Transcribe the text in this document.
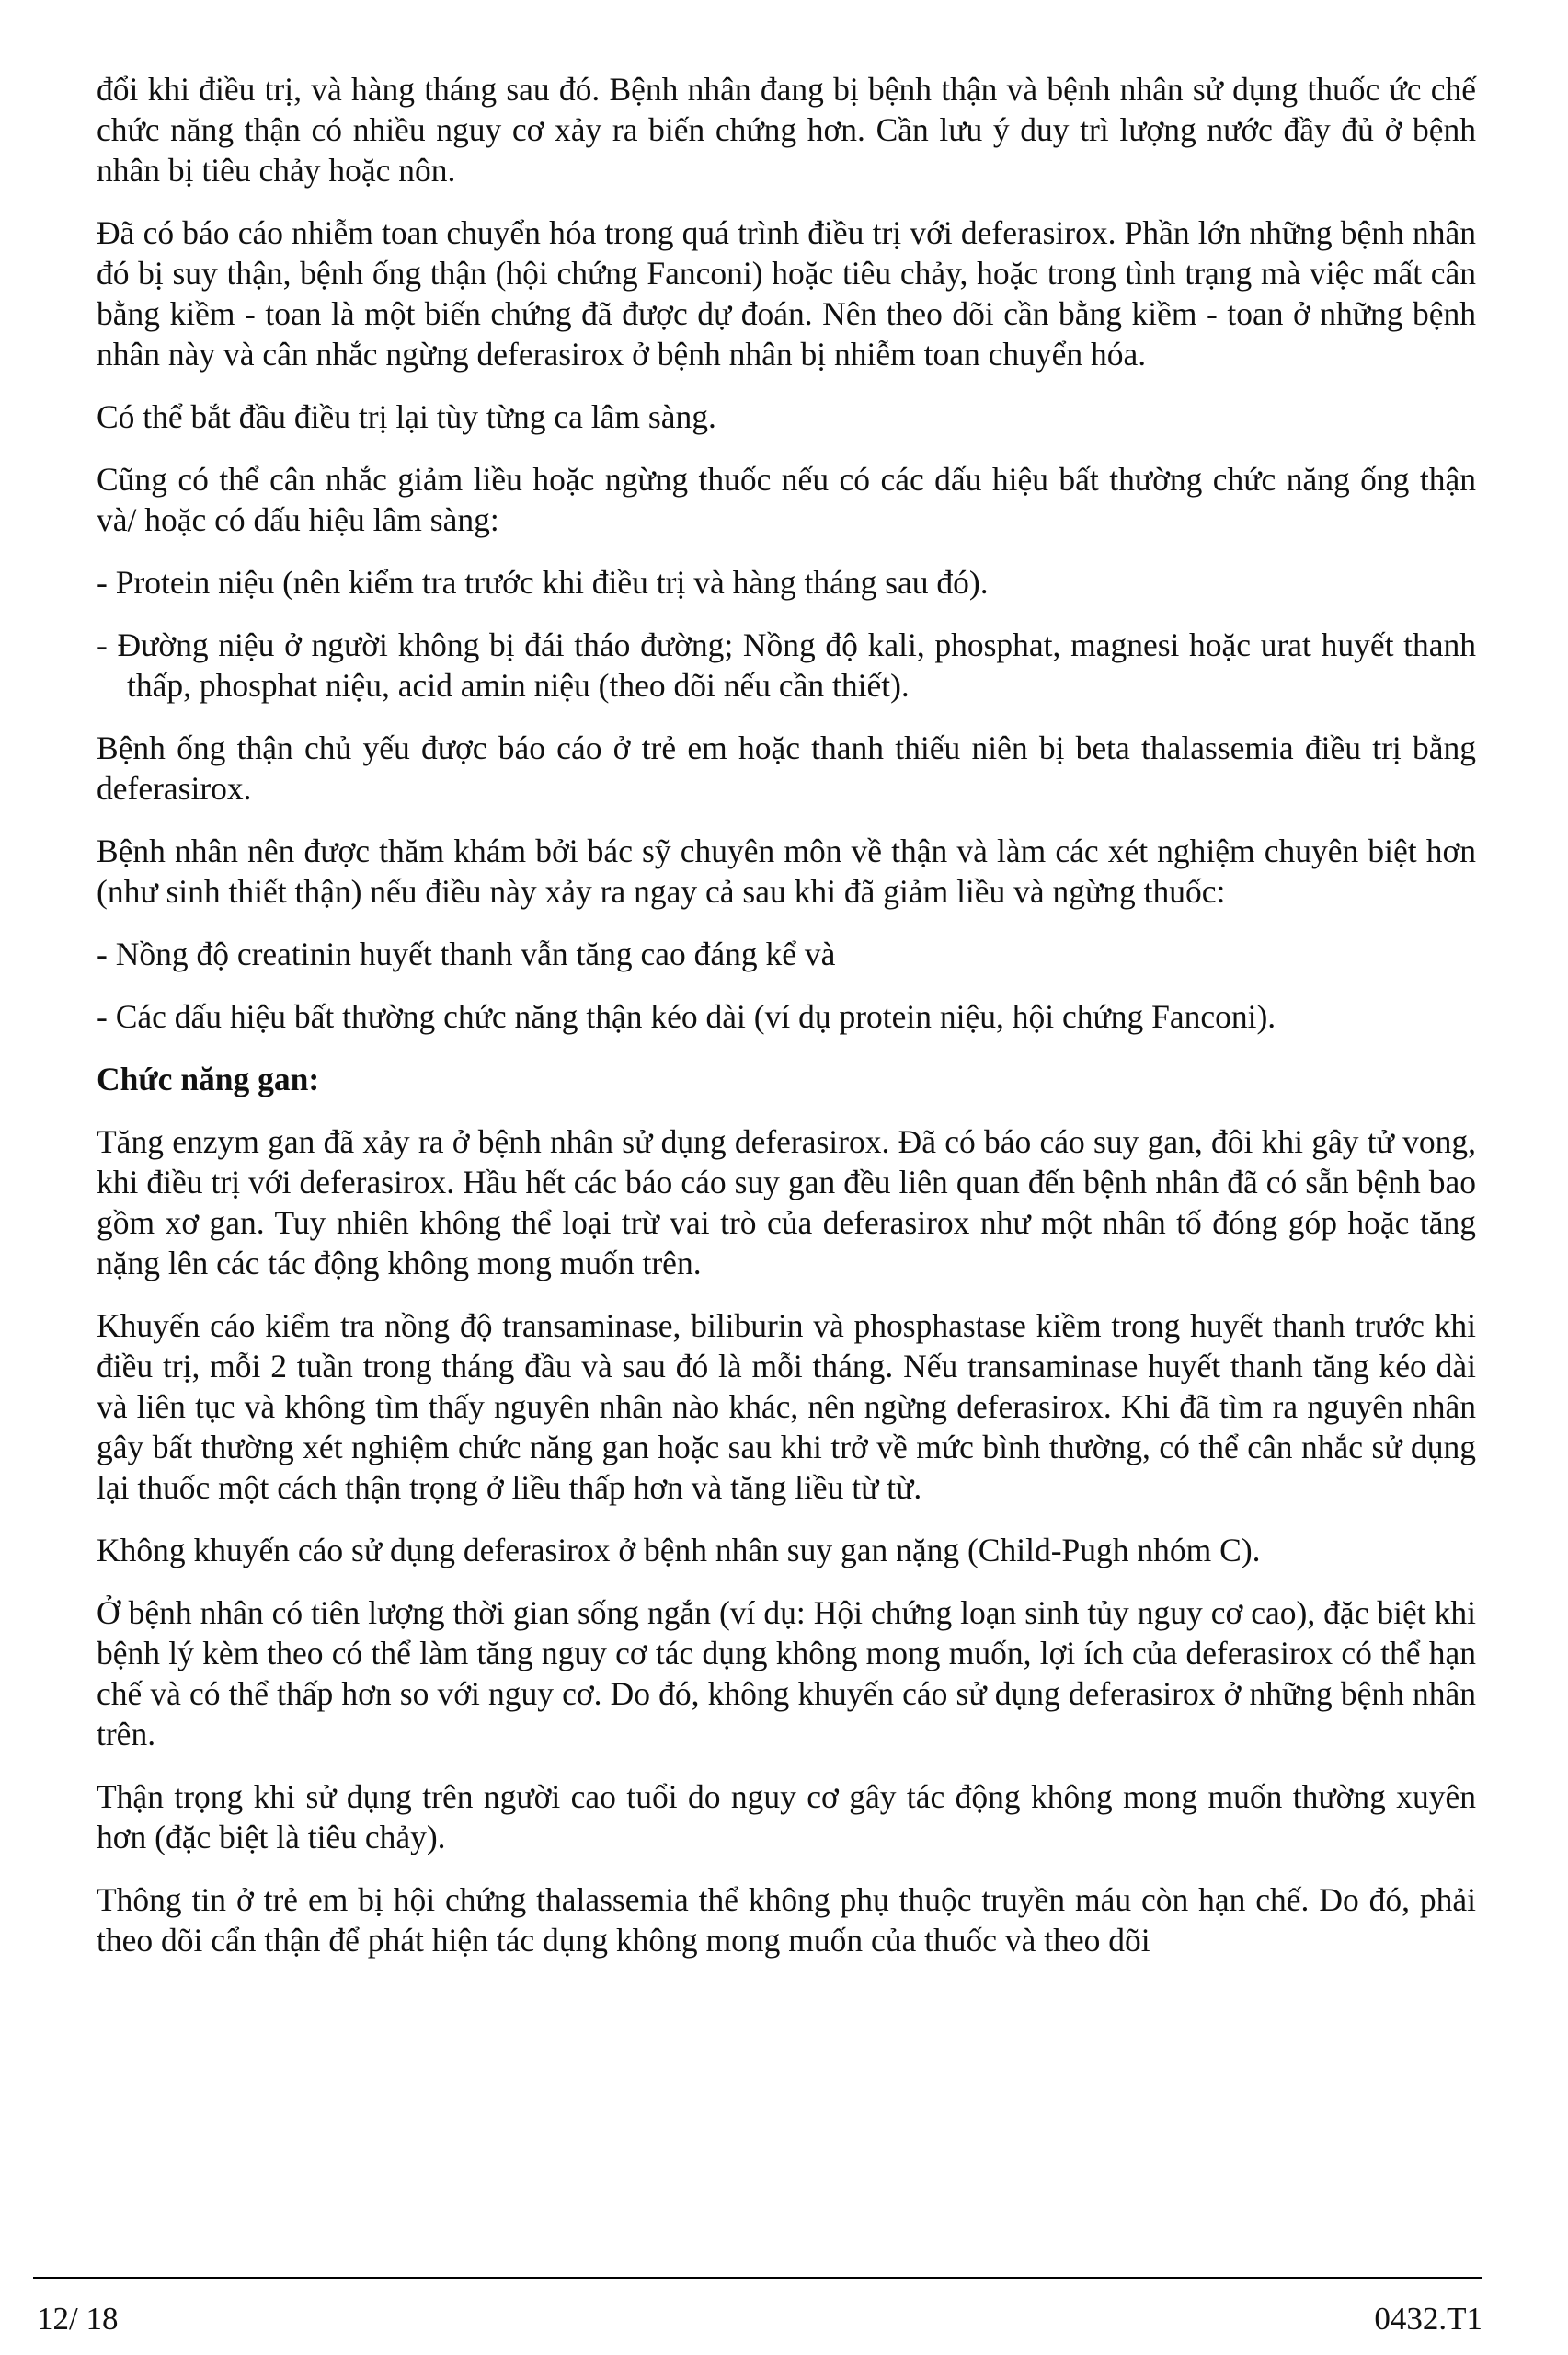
đổi khi điều trị, và hàng tháng sau đó. Bệnh nhân đang bị bệnh thận và bệnh nhân sử dụng thuốc ức chế chức năng thận có nhiều nguy cơ xảy ra biến chứng hơn. Cần lưu ý duy trì lượng nước đầy đủ ở bệnh nhân bị tiêu chảy hoặc nôn.

Đã có báo cáo nhiễm toan chuyển hóa trong quá trình điều trị với deferasirox. Phần lớn những bệnh nhân đó bị suy thận, bệnh ống thận (hội chứng Fanconi) hoặc tiêu chảy, hoặc trong tình trạng mà việc mất cân bằng kiềm - toan là một biến chứng đã được dự đoán. Nên theo dõi cần bằng kiềm - toan ở những bệnh nhân này và cân nhắc ngừng deferasirox ở bệnh nhân bị nhiễm toan chuyển hóa.

Có thể bắt đầu điều trị lại tùy từng ca lâm sàng.

Cũng có thể cân nhắc giảm liều hoặc ngừng thuốc nếu có các dấu hiệu bất thường chức năng ống thận và/ hoặc có dấu hiệu lâm sàng:

- Protein niệu (nên kiểm tra trước khi điều trị và hàng tháng sau đó).

- Đường niệu ở người không bị đái tháo đường; Nồng độ kali, phosphat, magnesi hoặc urat huyết thanh thấp, phosphat niệu, acid amin niệu (theo dõi nếu cần thiết).

Bệnh ống thận chủ yếu được báo cáo ở trẻ em hoặc thanh thiếu niên bị beta thalassemia điều trị bằng deferasirox.

Bệnh nhân nên được thăm khám bởi bác sỹ chuyên môn về thận và làm các xét nghiệm chuyên biệt hơn (như sinh thiết thận) nếu điều này xảy ra ngay cả sau khi đã giảm liều và ngừng thuốc:

- Nồng độ creatinin huyết thanh vẫn tăng cao đáng kể và

- Các dấu hiệu bất thường chức năng thận kéo dài (ví dụ protein niệu, hội chứng Fanconi).

Chức năng gan:

Tăng enzym gan đã xảy ra ở bệnh nhân sử dụng deferasirox. Đã có báo cáo suy gan, đôi khi gây tử vong, khi điều trị với deferasirox. Hầu hết các báo cáo suy gan đều liên quan đến bệnh nhân đã có sẵn bệnh bao gồm xơ gan. Tuy nhiên không thể loại trừ vai trò của deferasirox như một nhân tố đóng góp hoặc tăng nặng lên các tác động không mong muốn trên.

Khuyến cáo kiểm tra nồng độ transaminase, biliburin và phosphastase kiềm trong huyết thanh trước khi điều trị, mỗi 2 tuần trong tháng đầu và sau đó là mỗi tháng. Nếu transaminase huyết thanh tăng kéo dài và liên tục và không tìm thấy nguyên nhân nào khác, nên ngừng deferasirox. Khi đã tìm ra nguyên nhân gây bất thường xét nghiệm chức năng gan hoặc sau khi trở về mức bình thường, có thể cân nhắc sử dụng lại thuốc một cách thận trọng ở liều thấp hơn và tăng liều từ từ.

Không khuyến cáo sử dụng deferasirox ở bệnh nhân suy gan nặng (Child-Pugh nhóm C).

Ở bệnh nhân có tiên lượng thời gian sống ngắn (ví dụ: Hội chứng loạn sinh tủy nguy cơ cao), đặc biệt khi bệnh lý kèm theo có thể làm tăng nguy cơ tác dụng không mong muốn, lợi ích của deferasirox có thể hạn chế và có thể thấp hơn so với nguy cơ. Do đó, không khuyến cáo sử dụng deferasirox ở những bệnh nhân trên.

Thận trọng khi sử dụng trên người cao tuổi do nguy cơ gây tác động không mong muốn thường xuyên hơn (đặc biệt là tiêu chảy).

Thông tin ở trẻ em bị hội chứng thalassemia thể không phụ thuộc truyền máu còn hạn chế. Do đó, phải theo dõi cẩn thận để phát hiện tác dụng không mong muốn của thuốc và theo dõi

12/ 18	0432.T1
